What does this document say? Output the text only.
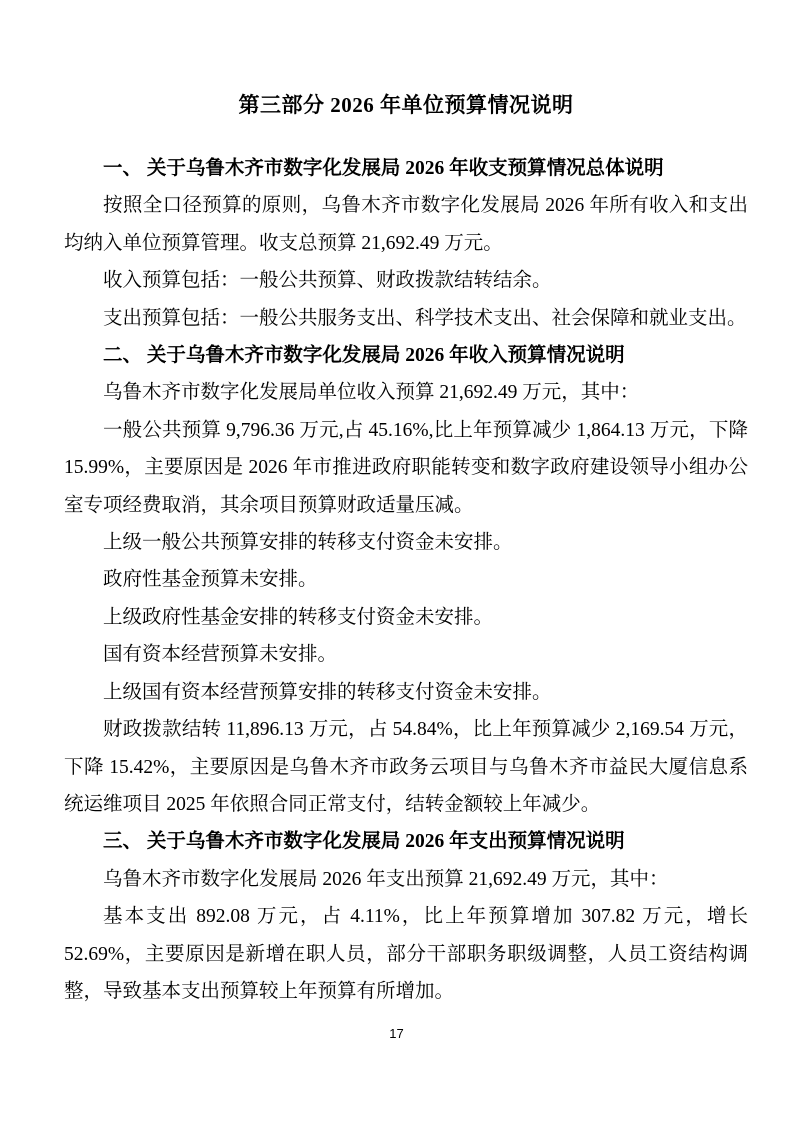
第三部分 2026 年单位预算情况说明
一、 关于乌鲁木齐市数字化发展局 2026 年收支预算情况总体说明

按照全口径预算的原则，乌鲁木齐市数字化发展局 2026 年所有收入和支出均纳入单位预算管理。收支总预算 21,692.49 万元。

收入预算包括：一般公共预算、财政拨款结转结余。

支出预算包括：一般公共服务支出、科学技术支出、社会保障和就业支出。

二、 关于乌鲁木齐市数字化发展局 2026 年收入预算情况说明

乌鲁木齐市数字化发展局单位收入预算 21,692.49 万元，其中：

一般公共预算 9,796.36 万元,占 45.16%,比上年预算减少 1,864.13 万元，下降 15.99%，主要原因是 2026 年市推进政府职能转变和数字政府建设领导小组办公室专项经费取消，其余项目预算财政适量压减。

上级一般公共预算安排的转移支付资金未安排。

政府性基金预算未安排。

上级政府性基金安排的转移支付资金未安排。

国有资本经营预算未安排。

上级国有资本经营预算安排的转移支付资金未安排。

财政拨款结转 11,896.13 万元，占 54.84%，比上年预算减少 2,169.54 万元，下降 15.42%，主要原因是乌鲁木齐市政务云项目与乌鲁木齐市益民大厦信息系统运维项目 2025 年依照合同正常支付，结转金额较上年减少。

三、 关于乌鲁木齐市数字化发展局 2026 年支出预算情况说明

乌鲁木齐市数字化发展局 2026 年支出预算 21,692.49 万元，其中：

基本支出 892.08 万元，占 4.11%，比上年预算增加 307.82 万元，增长 52.69%，主要原因是新增在职人员，部分干部职务职级调整，人员工资结构调整，导致基本支出预算较上年预算有所增加。

17
